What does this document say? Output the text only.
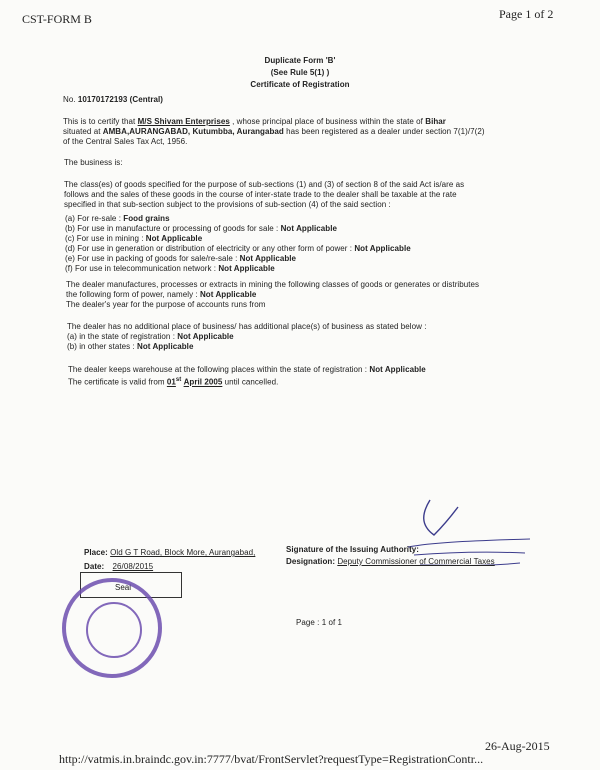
CST-FORM B	Page 1 of 2
Duplicate Form 'B'
(See Rule 5(1) )
Certificate of Registration
No. 10170172193 (Central)
This is to certify that M/S Shivam Enterprises , whose principal place of business within the state of Bihar
situated at AMBA,AURANGABAD, Kutumbba, Aurangabad has been registered as a dealer under section 7(1)/7(2)
of the Central Sales Tax Act, 1956.
The business is:
The class(es) of goods specified for the purpose of sub-sections (1) and (3) of section 8 of the said Act is/are as
follows and the sales of these goods in the course of inter-state trade to the dealer shall be taxable at the rate
specified in that sub-section subject to the provisions of sub-section (4) of the said section :
(a) For re-sale : Food grains
(b) For use in manufacture or processing of goods for sale : Not Applicable
(c) For use in mining : Not Applicable
(d) For use in generation or distribution of electricity or any other form of power : Not Applicable
(e) For use in packing of goods for sale/re-sale : Not Applicable
(f) For use in telecommunication network : Not Applicable
The dealer manufactures, processes or extracts in mining the following classes of goods or generates or distributes
the following form of power, namely : Not Applicable
The dealer's year for the purpose of accounts runs from
The dealer has no additional place of business/ has additional place(s) of business as stated below :
(a) in the state of registration : Not Applicable
(b) in other states : Not Applicable
The dealer keeps warehouse at the following places within the state of registration : Not Applicable
The certificate is valid from 01st April 2005 until cancelled.
Place: Old G T Road, Block More, Aurangabad,
Date: 26/08/2015
Signature of the Issuing Authority:
Designation: Deputy Commissioner of Commercial Taxes
Seal
Page : 1 of 1
http://vatmis.in.braindc.gov.in:7777/bvat/FrontServlet?requestType=RegistrationContr...
26-Aug-2015
